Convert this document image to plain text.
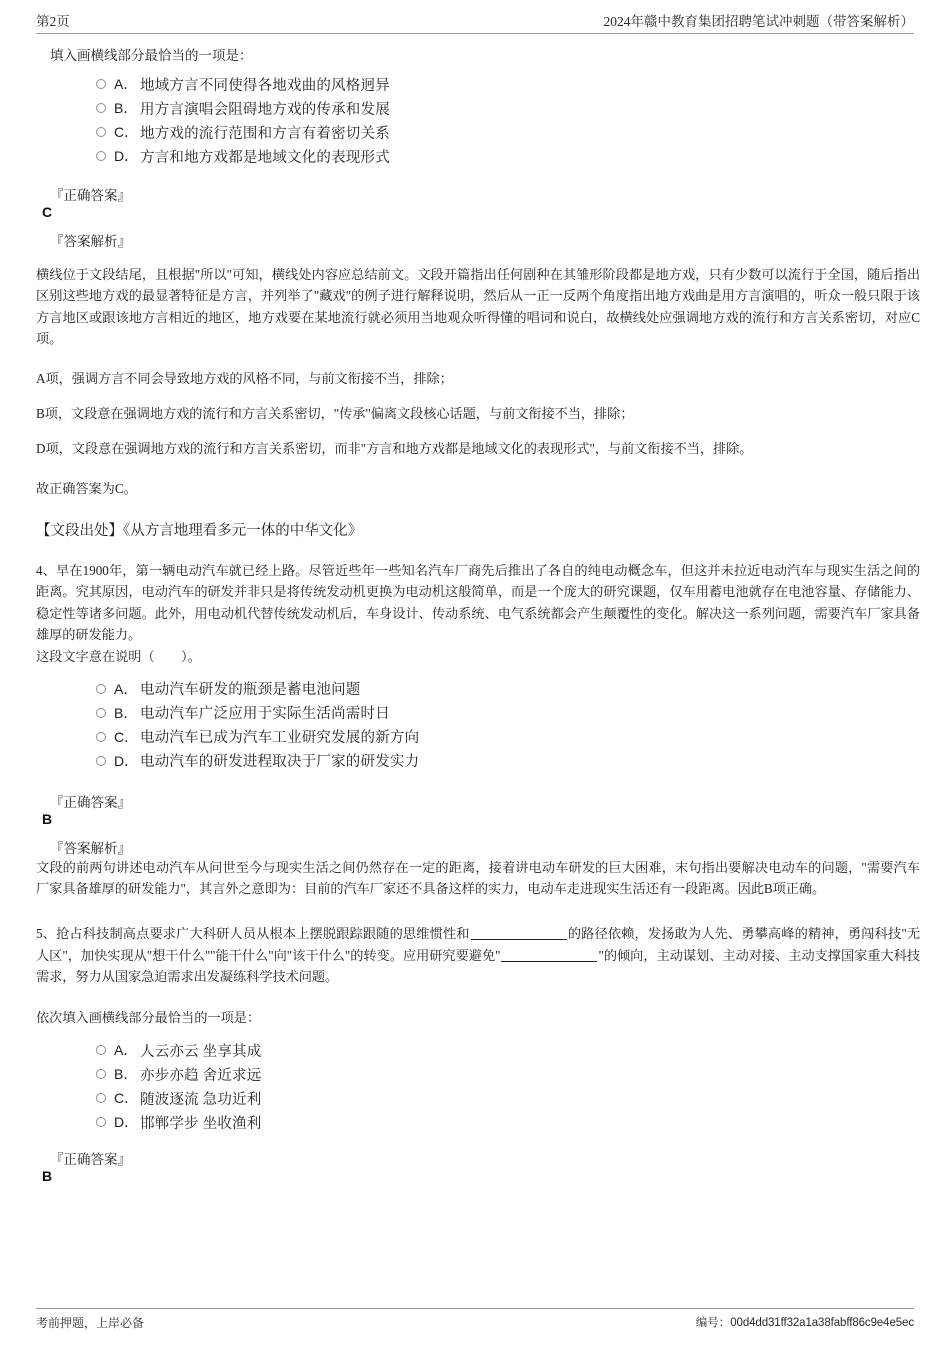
第2页	2024年赣中教育集团招聘笔试冲刺题（带答案解析）

填入画横线部分最恰当的一项是：

A． 地域方言不同使得各地戏曲的风格迥异
B． 用方言演唱会阻碍地方戏的传承和发展
C． 地方戏的流行范围和方言有着密切关系
D． 方言和地方戏都是地域文化的表现形式

『正确答案』

C

『答案解析』

横线位于文段结尾，且根据"所以"可知，横线处内容应总结前文。文段开篇指出任何剧种在其雏形阶段都是地方戏，只有少数可以流行于全国，随后指出区别这些地方戏的最显著特征是方言，并列举了"藏戏"的例子进行解释说明，然后从一正一反两个角度指出地方戏曲是用方言演唱的，听众一般只限于该方言地区或跟该地方言相近的地区，地方戏要在某地流行就必须用当地观众听得懂的唱词和说白，故横线处应强调地方戏的流行和方言关系密切，对应C项。

A项，强调方言不同会导致地方戏的风格不同，与前文衔接不当，排除；

B项，文段意在强调地方戏的流行和方言关系密切，"传承"偏离文段核心话题，与前文衔接不当，排除；

D项，文段意在强调地方戏的流行和方言关系密切，而非"方言和地方戏都是地域文化的表现形式"，与前文衔接不当，排除。

故正确答案为C。

【文段出处】《从方言地理看多元一体的中华文化》

4、早在1900年，第一辆电动汽车就已经上路。尽管近些年一些知名汽车厂商先后推出了各自的纯电动概念车，但这并未拉近电动汽车与现实生活之间的距离。究其原因，电动汽车的研发并非只是将传统发动机更换为电动机这般简单，而是一个庞大的研究课题，仅车用蓄电池就存在电池容量、存储能力、稳定性等诸多问题。此外，用电动机代替传统发动机后，车身设计、传动系统、电气系统都会产生颠覆性的变化。解决这一系列问题，需要汽车厂家具备雄厚的研发能力。

这段文字意在说明（　　）。

A． 电动汽车研发的瓶颈是蓄电池问题
B． 电动汽车广泛应用于实际生活尚需时日
C． 电动汽车已成为汽车工业研究发展的新方向
D． 电动汽车的研发进程取决于厂家的研发实力

『正确答案』

B

『答案解析』

文段的前两句讲述电动汽车从问世至今与现实生活之间仍然存在一定的距离，接着讲电动车研发的巨大困难，末句指出要解决电动车的问题，"需要汽车厂家具备雄厚的研发能力"，其言外之意即为：目前的汽车厂家还不具备这样的实力，电动车走进现实生活还有一段距离。因此B项正确。

5、抢占科技制高点要求广大科研人员从根本上摆脱跟踪跟随的思维惯性和	的路径依赖，发扬敢为人先、勇攀高峰的精神，勇闯科技"无人区"，加快实现从"想干什么""能干什么"向"该干什么"的转变。应用研究要避免"	"的倾向，主动谋划、主动对接、主动支撑国家重大科技需求，努力从国家急迫需求出发凝练科学技术问题。

依次填入画横线部分最恰当的一项是：

A． 人云亦云 坐享其成
B． 亦步亦趋 舍近求远
C． 随波逐流 急功近利
D． 邯郸学步 坐收渔利

『正确答案』

B

考前押题，上岸必备	编号：00d4dd31ff32a1a38fabff86c9e4e5ec
